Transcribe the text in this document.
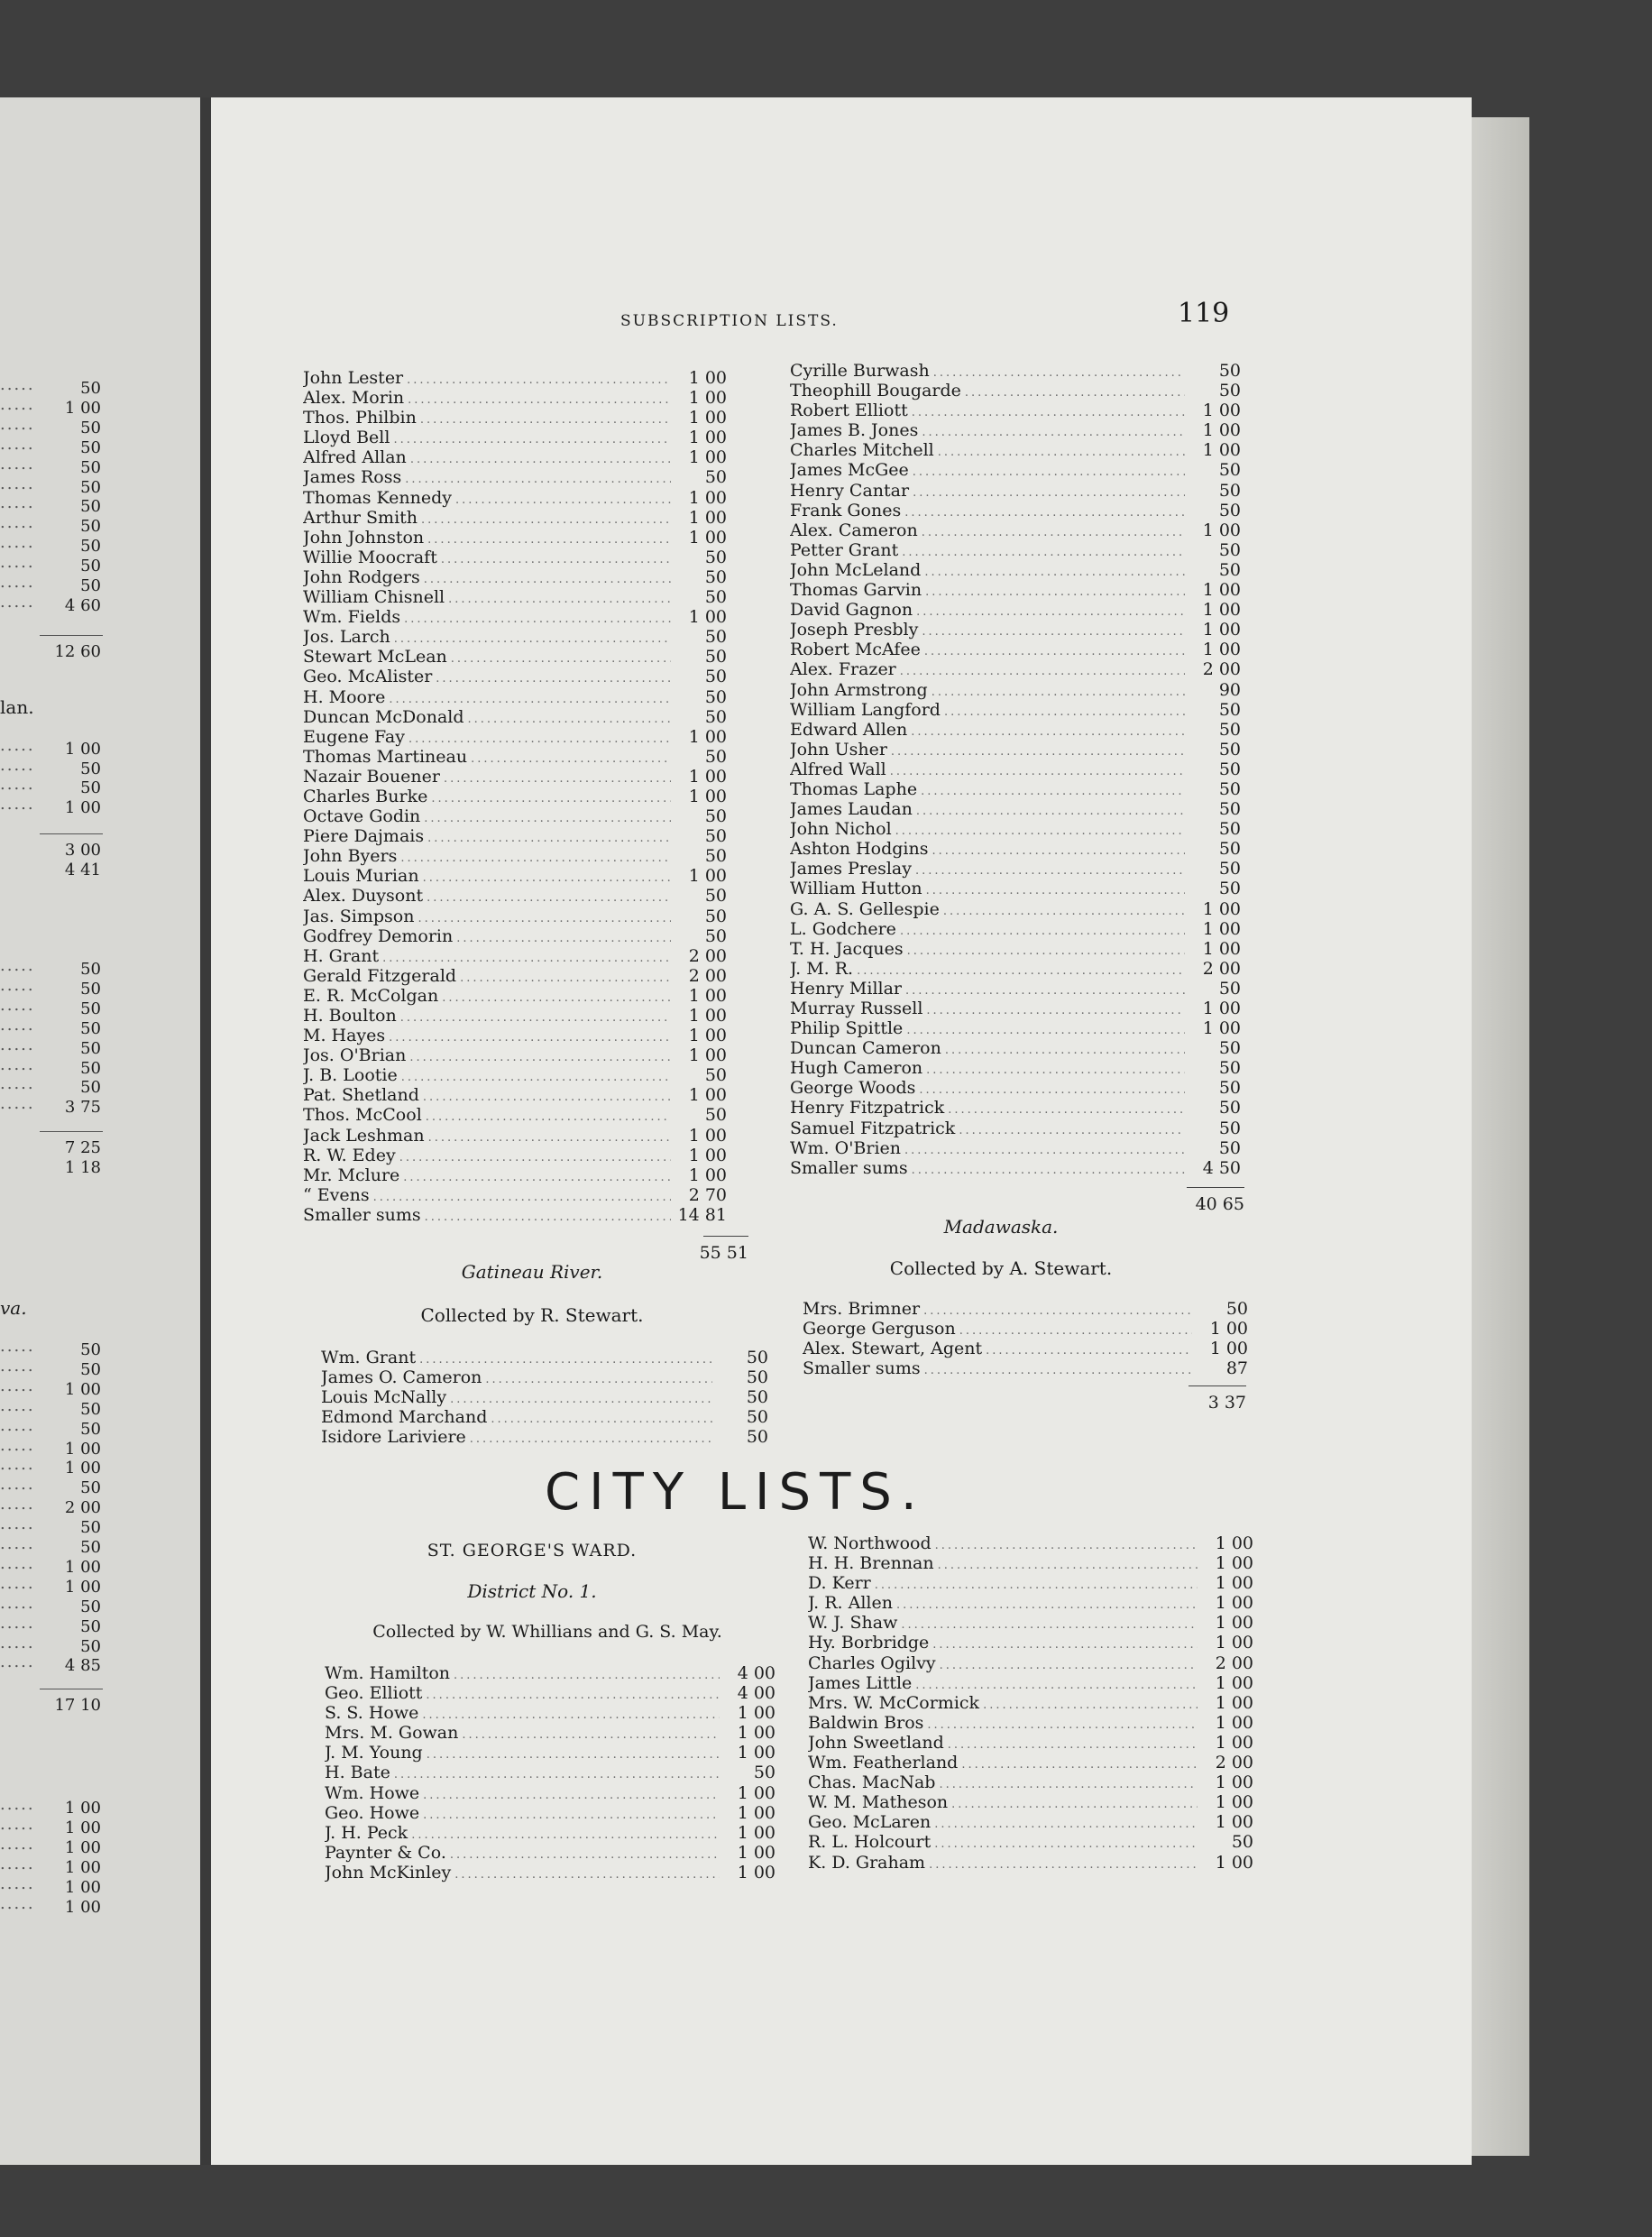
.....	50
..... 1 00
.....	50
.....	50
.....	50
.....	50
.....	50
.....	50
.....	50
.....	50
.....	50
..... 4 60
12 60
lan.
..... 1 00
.....	50
.....	50
..... 1 00
3 00
4 41
.....	50
.....	50
.....	50
.....	50
.....	50
.....	50
.....	50
..... 3 75
7 25
1 18
va.
.....	50
.....	50
..... 1 00
.....	50
.....	50
..... 1 00
..... 1 00
.....	50
..... 2 00
.....	50
.....	50
..... 1 00
..... 1 00
.....	50
.....	50
.....	50
..... 4 85
17 10
..... 1 00
..... 1 00
..... 1 00
..... 1 00
..... 1 00
..... 1 00
SUBSCRIPTION LISTS.	119
John Lester .....	1 00
Alex. Morin .....	1 00
Thos. Philbin .....	1 00
Lloyd Bell .....	1 00
Alfred Allan .....	1 00
James Ross .....	50
Thomas Kennedy .....	1 00
Arthur Smith .....	1 00
John Johnston .....	1 00
Willie Moocraft .....	50
John Rodgers .....	50
William Chisnell .....	50
Wm. Fields .....	1 00
Jos. Larch .....	50
Stewart McLean .....	50
Geo. McAlister .....	50
H. Moore .....	50
Duncan McDonald .....	50
Eugene Fay .....	1 00
Thomas Martineau .....	50
Nazair Bouener .....	1 00
Charles Burke .....	1 00
Octave Godin .....	50
Piere Dajmais .....	50
John Byers .....	50
Louis Murian .....	1 00
Alex. Duysont .....	50
Jas. Simpson .....	50
Godfrey Demorin .....	50
H. Grant .....	2 00
Gerald Fitzgerald .....	2 00
E. R. McColgan .....	1 00
H. Boulton .....	1 00
M. Hayes .....	1 00
Jos. O'Brian .....	1 00
J. B. Lootie .....	50
Pat. Shetland .....	1 00
Thos. McCool .....	50
Jack Leshman .....	1 00
R. W. Edey .....	1 00
Mr. Mclure .....	1 00
“ Evens .....	2 70
Smaller sums .....	14 81
55 51
Gatineau River.
Collected by R. Stewart.
Wm. Grant .....	50
James O. Cameron .....	50
Louis McNally .....	50
Edmond Marchand .....	50
Isidore Lariviere .....	50
Cyrille Burwash .....	50
Theophill Bougarde .....	50
Robert Elliott .....	1 00
James B. Jones .....	1 00
Charles Mitchell .....	1 00
James McGee .....	50
Henry Cantar .....	50
Frank Gones .....	50
Alex. Cameron .....	1 00
Petter Grant .....	50
John McLeland .....	50
Thomas Garvin .....	1 00
David Gagnon .....	1 00
Joseph Presbly .....	1 00
Robert McAfee .....	1 00
Alex. Frazer .....	2 00
John Armstrong .....	90
William Langford .....	50
Edward Allen .....	50
John Usher .....	50
Alfred Wall .....	50
Thomas Laphe .....	50
James Laudan .....	50
John Nichol .....	50
Ashton Hodgins .....	50
James Preslay .....	50
William Hutton .....	50
G. A. S. Gellespie .....	1 00
L. Godchere .....	1 00
T. H. Jacques .....	1 00
J. M. R. .....	2 00
Henry Millar .....	50
Murray Russell .....	1 00
Philip Spittle .....	1 00
Duncan Cameron .....	50
Hugh Cameron .....	50
George Woods .....	50
Henry Fitzpatrick .....	50
Samuel Fitzpatrick .....	50
Wm. O'Brien .....	50
Smaller sums .....	4 50
40 65
Madawaska.
Collected by A. Stewart.
Mrs. Brimner .....	50
George Gerguson .....	1 00
Alex. Stewart, Agent .....	1 00
Smaller sums .....	87
3 37
CITY LISTS.
ST. GEORGE'S WARD.
District No. 1.
Collected by W. Whillians and G. S. May.
Wm. Hamilton .....	4 00
Geo. Elliott .....	4 00
S. S. Howe .....	1 00
Mrs. M. Gowan .....	1 00
J. M. Young .....	1 00
H. Bate .....	50
Wm. Howe .....	1 00
Geo. Howe .....	1 00
J. H. Peck .....	1 00
Paynter & Co. .....	1 00
John McKinley .....	1 00
W. Northwood .....	1 00
H. H. Brennan .....	1 00
D. Kerr .....	1 00
J. R. Allen .....	1 00
W. J. Shaw .....	1 00
Hy. Borbridge .....	1 00
Charles Ogilvy .....	2 00
James Little .....	1 00
Mrs. W. McCormick .....	1 00
Baldwin Bros .....	1 00
John Sweetland .....	1 00
Wm. Featherland .....	2 00
Chas. MacNab .....	1 00
W. M. Matheson .....	1 00
Geo. McLaren .....	1 00
R. L. Holcourt .....	50
K. D. Graham .....	1 00
